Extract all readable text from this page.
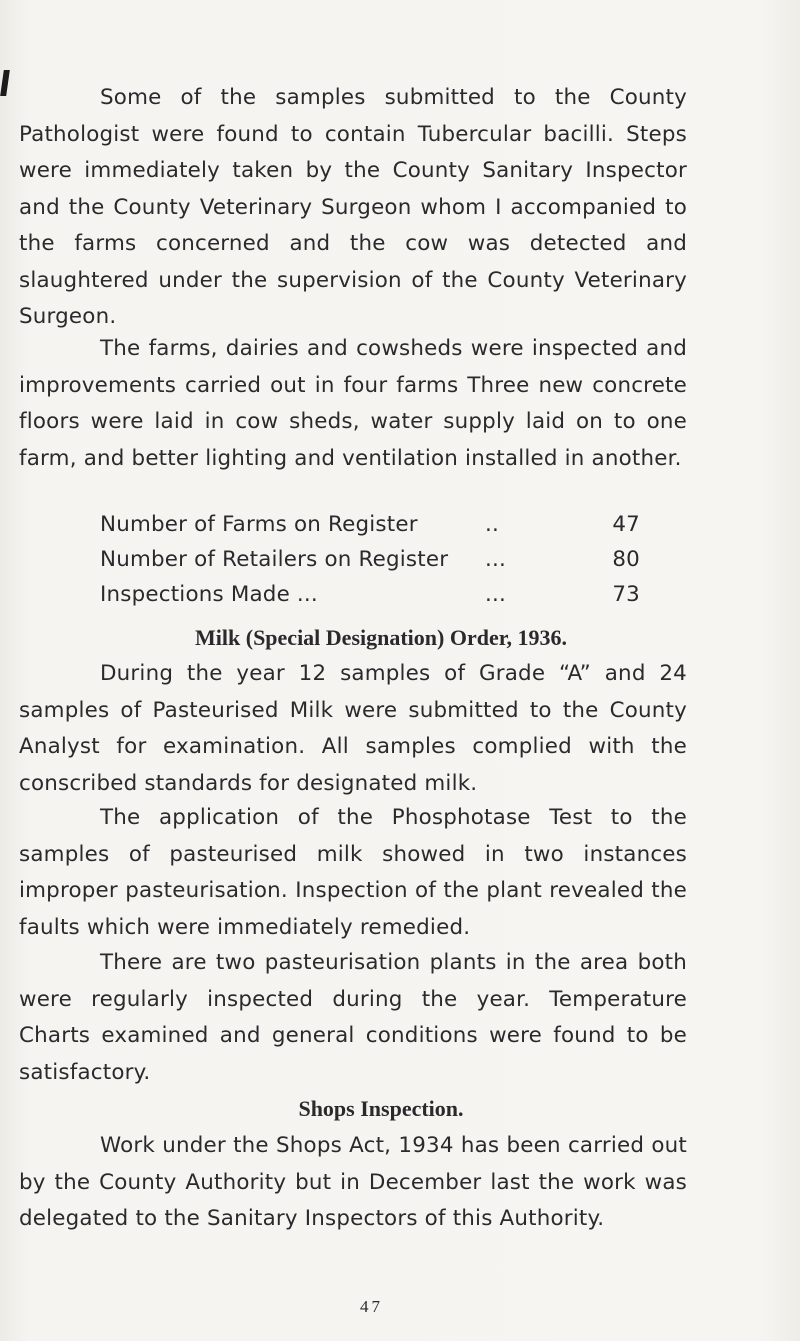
Some of the samples submitted to the County Pathologist were found to contain Tubercular bacilli. Steps were immediately taken by the County Sanitary Inspector and the County Veterinary Surgeon whom I accompanied to the farms concerned and the cow was detected and slaughtered under the supervision of the County Veterinary Surgeon.

The farms, dairies and cowsheds were inspected and improvements carried out in four farms Three new concrete floors were laid in cow sheds, water supply laid on to one farm, and better lighting and ventilation installed in another.

Number of Farms on Register	..	47
Number of Retailers on Register	...	80
Inspections Made ...	...	73
Milk (Special Designation) Order, 1936.

During the year 12 samples of Grade “A” and 24 samples of Pasteurised Milk were submitted to the County Analyst for examination. All samples complied with the conscribed standards for designated milk.

The application of the Phosphotase Test to the samples of pasteurised milk showed in two instances improper pasteurisation. Inspection of the plant revealed the faults which were immediately remedied.

There are two pasteurisation plants in the area both were regularly inspected during the year. Temperature Charts examined and general conditions were found to be satisfactory.

Shops Inspection.

Work under the Shops Act, 1934 has been carried out by the County Authority but in December last the work was delegated to the Sanitary Inspectors of this Authority.

47
